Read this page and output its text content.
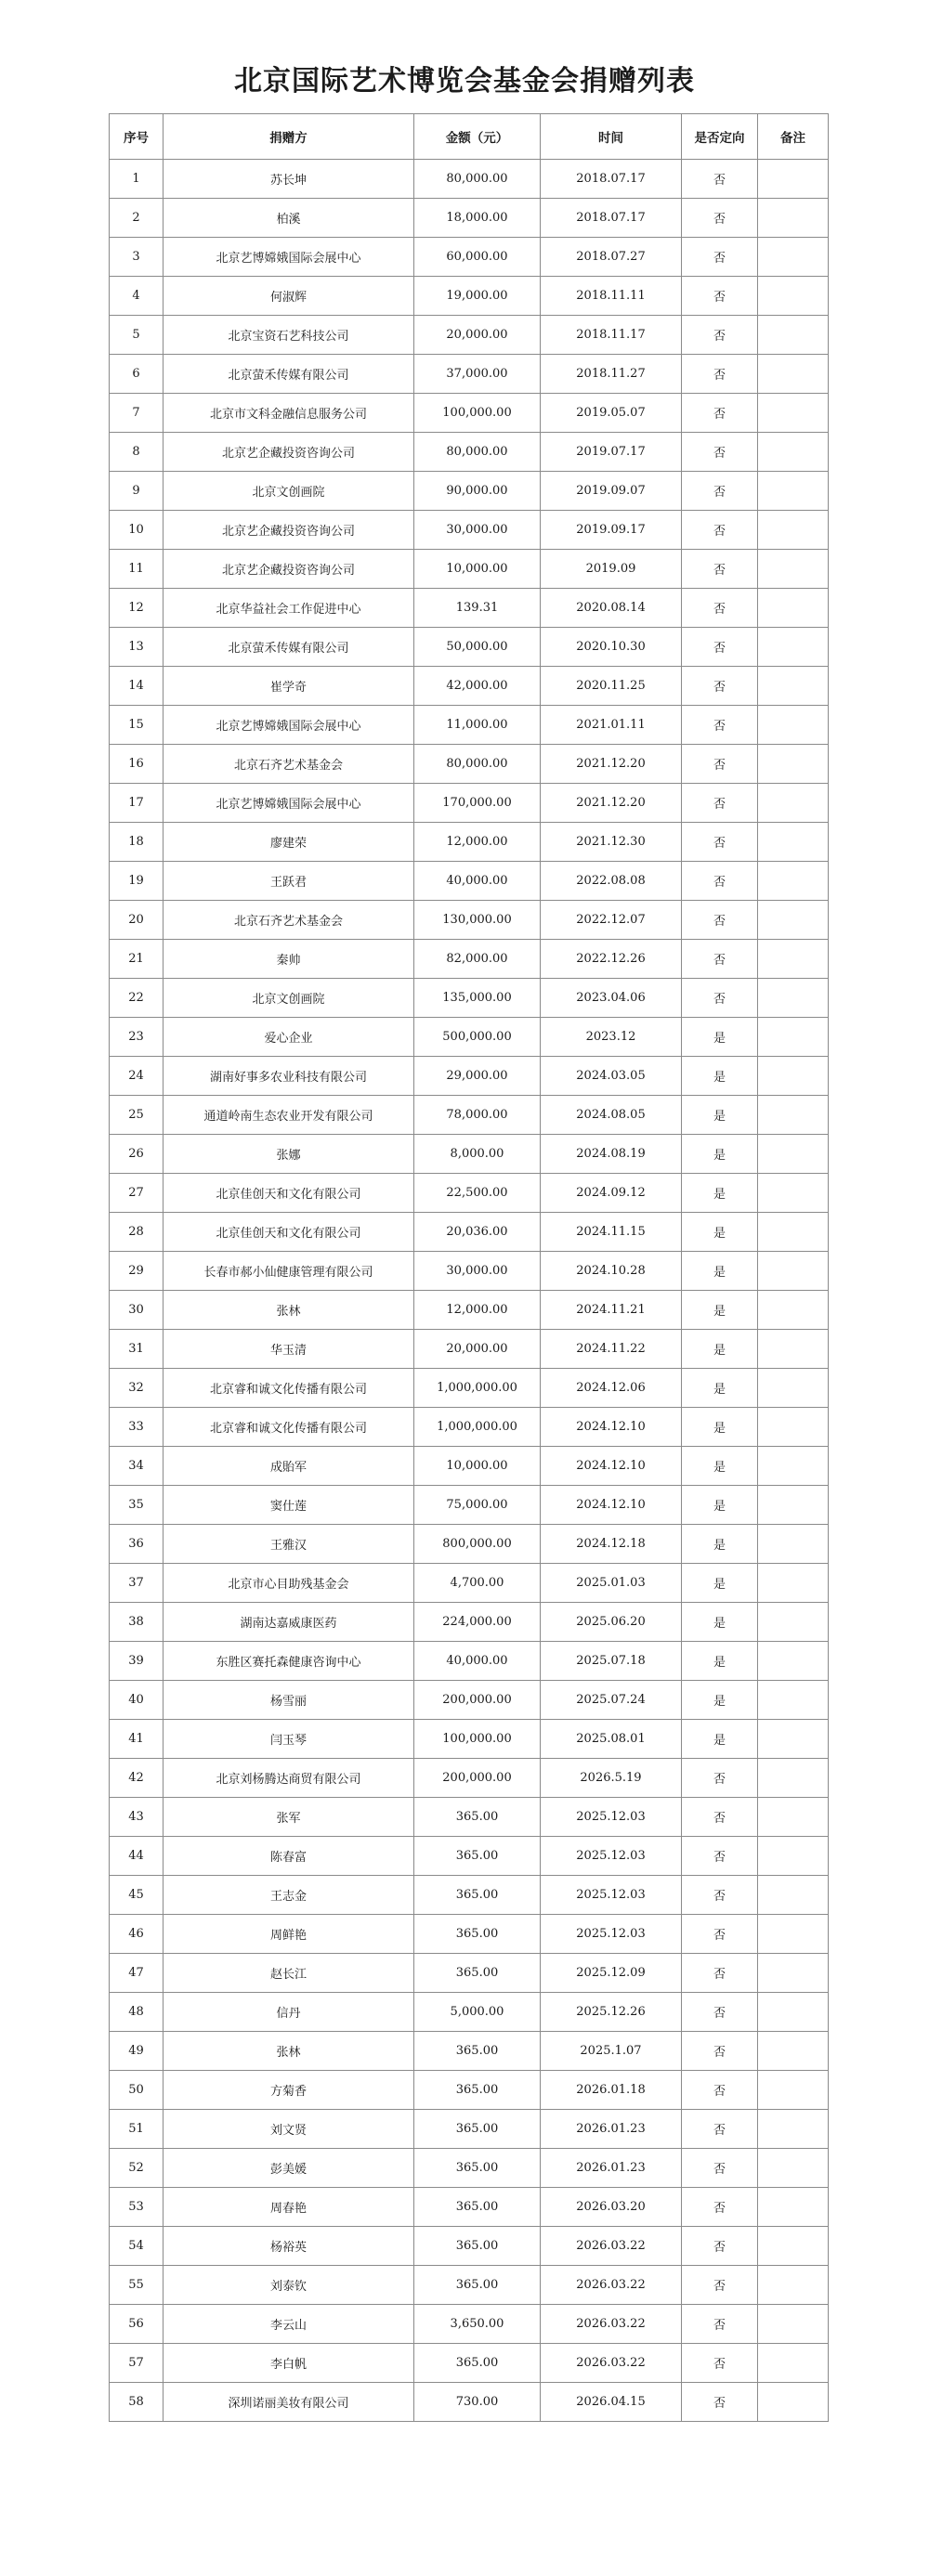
北京国际艺术博览会基金会捐赠列表
序号	捐赠方	金额（元）	时间	是否定向	备注
1	苏长坤	80,000.00	2018.07.17	否	
2	柏溪	18,000.00	2018.07.17	否	
3	北京艺博嫦娥国际会展中心	60,000.00	2018.07.27	否	
4	何淑辉	19,000.00	2018.11.11	否	
5	北京宝资石艺科技公司	20,000.00	2018.11.17	否	
6	北京萤禾传媒有限公司	37,000.00	2018.11.27	否	
7	北京市文科金融信息服务公司	100,000.00	2019.05.07	否	
8	北京艺企藏投资咨询公司	80,000.00	2019.07.17	否	
9	北京文创画院	90,000.00	2019.09.07	否	
10	北京艺企藏投资咨询公司	30,000.00	2019.09.17	否	
11	北京艺企藏投资咨询公司	10,000.00	2019.09	否	
12	北京华益社会工作促进中心	139.31	2020.08.14	否	
13	北京萤禾传媒有限公司	50,000.00	2020.10.30	否	
14	崔学奇	42,000.00	2020.11.25	否	
15	北京艺博嫦娥国际会展中心	11,000.00	2021.01.11	否	
16	北京石齐艺术基金会	80,000.00	2021.12.20	否	
17	北京艺博嫦娥国际会展中心	170,000.00	2021.12.20	否	
18	廖建荣	12,000.00	2021.12.30	否	
19	王跃君	40,000.00	2022.08.08	否	
20	北京石齐艺术基金会	130,000.00	2022.12.07	否	
21	秦帅	82,000.00	2022.12.26	否	
22	北京文创画院	135,000.00	2023.04.06	否	
23	爱心企业	500,000.00	2023.12	是	
24	湖南好事多农业科技有限公司	29,000.00	2024.03.05	是	
25	通道岭南生态农业开发有限公司	78,000.00	2024.08.05	是	
26	张娜	8,000.00	2024.08.19	是	
27	北京佳创天和文化有限公司	22,500.00	2024.09.12	是	
28	北京佳创天和文化有限公司	20,036.00	2024.11.15	是	
29	长春市郝小仙健康管理有限公司	30,000.00	2024.10.28	是	
30	张林	12,000.00	2024.11.21	是	
31	华玉清	20,000.00	2024.11.22	是	
32	北京睿和诚文化传播有限公司	1,000,000.00	2024.12.06	是	
33	北京睿和诚文化传播有限公司	1,000,000.00	2024.12.10	是	
34	成貽军	10,000.00	2024.12.10	是	
35	窦仕莲	75,000.00	2024.12.10	是	
36	王雅汉	800,000.00	2024.12.18	是	
37	北京市心目助残基金会	4,700.00	2025.01.03	是	
38	湖南达嘉威康医药	224,000.00	2025.06.20	是	
39	东胜区赛托森健康咨询中心	40,000.00	2025.07.18	是	
40	杨雪丽	200,000.00	2025.07.24	是	
41	闫玉琴	100,000.00	2025.08.01	是	
42	北京刘杨腾达商贸有限公司	200,000.00	2026.5.19	否	
43	张军	365.00	2025.12.03	否	
44	陈春富	365.00	2025.12.03	否	
45	王志金	365.00	2025.12.03	否	
46	周鲜艳	365.00	2025.12.03	否	
47	赵长江	365.00	2025.12.09	否	
48	信丹	5,000.00	2025.12.26	否	
49	张林	365.00	2025.1.07	否	
50	方菊香	365.00	2026.01.18	否	
51	刘文贤	365.00	2026.01.23	否	
52	彭美媛	365.00	2026.01.23	否	
53	周春艳	365.00	2026.03.20	否	
54	杨裕英	365.00	2026.03.22	否	
55	刘泰钦	365.00	2026.03.22	否	
56	李云山	3,650.00	2026.03.22	否	
57	李白帆	365.00	2026.03.22	否	
58	深圳诺丽美妆有限公司	730.00	2026.04.15	否	
